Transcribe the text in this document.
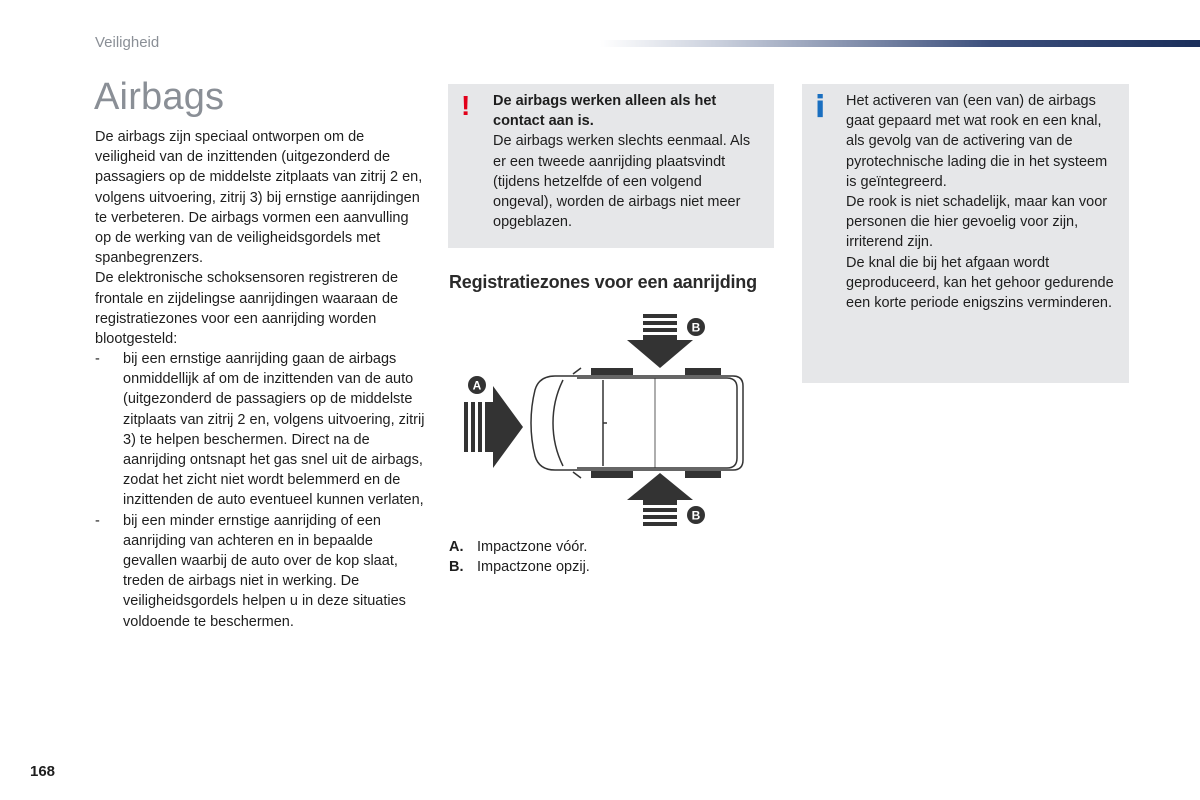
Veiligheid
Airbags

De airbags zijn speciaal ontworpen om de veiligheid van de inzittenden (uitgezonderd de passagiers op de middelste zitplaats van zitrij 2 en, volgens uitvoering, zitrij 3) bij ernstige aanrijdingen te verbeteren. De airbags vormen een aanvulling op de werking van de veiligheidsgordels met spanbegrenzers.

De elektronische schoksensoren registreren de frontale en zijdelingse aanrijdingen waaraan de registratiezones voor een aanrijding worden blootgesteld:

-	bij een ernstige aanrijding gaan de airbags onmiddellijk af om de inzittenden van de auto (uitgezonderd de passagiers op de middelste zitplaats van zitrij 2 en, volgens uitvoering, zitrij 3) te helpen beschermen. Direct na de aanrijding ontsnapt het gas snel uit de airbags, zodat het zicht niet wordt belemmerd en de inzittenden de auto eventueel kunnen verlaten,
-	bij een minder ernstige aanrijding of een aanrijding van achteren en in bepaalde gevallen waarbij de auto over de kop slaat, treden de airbags niet in werking. De veiligheidsgordels helpen u in deze situaties voldoende te beschermen.
! De airbags werken alleen als het contact aan is.
De airbags werken slechts eenmaal. Als er een tweede aanrijding plaatsvindt (tijdens hetzelfde of een volgend ongeval), worden de airbags niet meer opgeblazen.
i Het activeren van (een van) de airbags gaat gepaard met wat rook en een knal, als gevolg van de activering van de pyrotechnische lading die in het systeem is geïntegreerd.
De rook is niet schadelijk, maar kan voor personen die hier gevoelig voor zijn, irriterend zijn.
De knal die bij het afgaan wordt geproduceerd, kan het gehoor gedurende een korte periode enigszins verminderen.
Registratiezones voor een aanrijding
B
B
A
A. Impactzone vóór.
B. Impactzone opzij.
168
